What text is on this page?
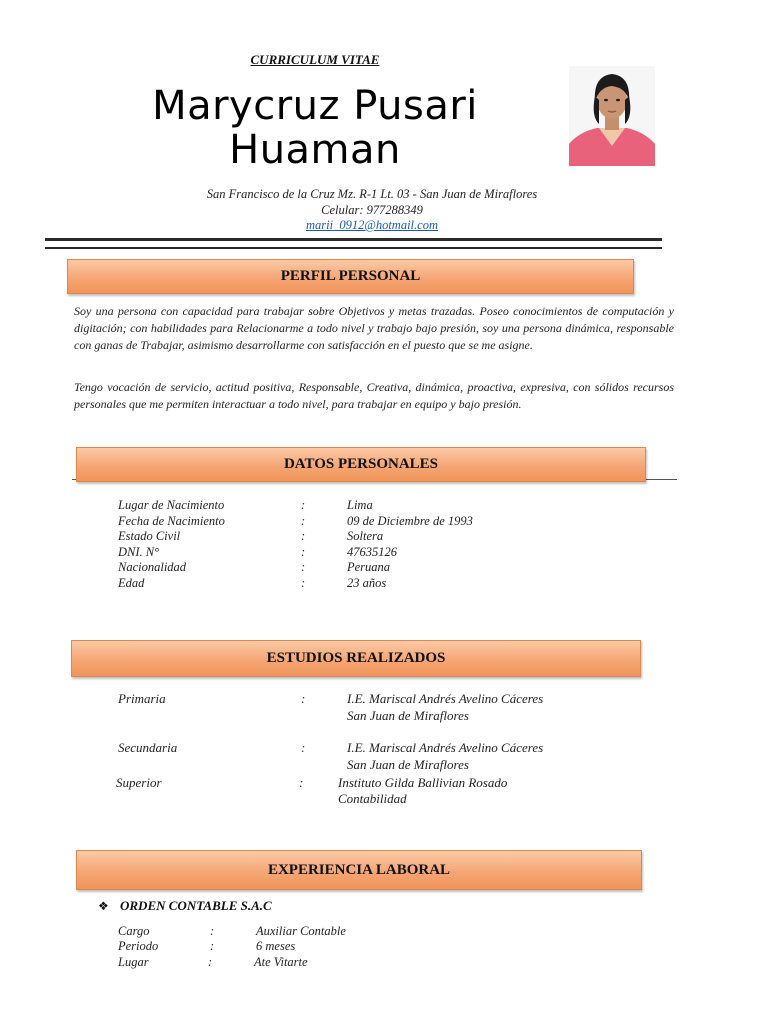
CURRICULUM VITAE
Marycruz Pusari
Huaman
San Francisco de la Cruz Mz. R-1 Lt. 03 - San Juan de Miraflores
Celular: 977288349
marii_0912@hotmail.com
PERFIL PERSONAL
Soy una persona con capacidad para trabajar sobre Objetivos y metas trazadas. Poseo conocimientos de computación y digitación; con habilidades para Relacionarme a todo nivel y trabajo bajo presión, soy una persona dinámica, responsable con ganas de Trabajar, asimismo desarrollarme con satisfacción en el puesto que se me asigne.
Tengo vocación de servicio, actitud positiva, Responsable, Creativa, dinámica, proactiva, expresiva, con sólidos recursos personales que me permiten interactuar a todo nivel, para trabajar en equipo y bajo presión.
DATOS PERSONALES
Lugar de Nacimiento	:	Lima
Fecha de Nacimiento	:	09 de Diciembre de 1993
Estado Civil	:	Soltera
DNI. N°	:	47635126
Nacionalidad	:	Peruana
Edad	:	23 años
ESTUDIOS REALIZADOS
Primaria	:	I.E. Mariscal Andrés Avelino Cáceres
San Juan de Miraflores
Secundaria	:	I.E. Mariscal Andrés Avelino Cáceres
San Juan de Miraflores
Superior	:	Instituto Gilda Ballivian Rosado
Contabilidad
EXPERIENCIA LABORAL
❖ ORDEN CONTABLE S.A.C
Cargo	:	Auxiliar Contable
Periodo	:	6 meses
Lugar	:	Ate Vitarte
